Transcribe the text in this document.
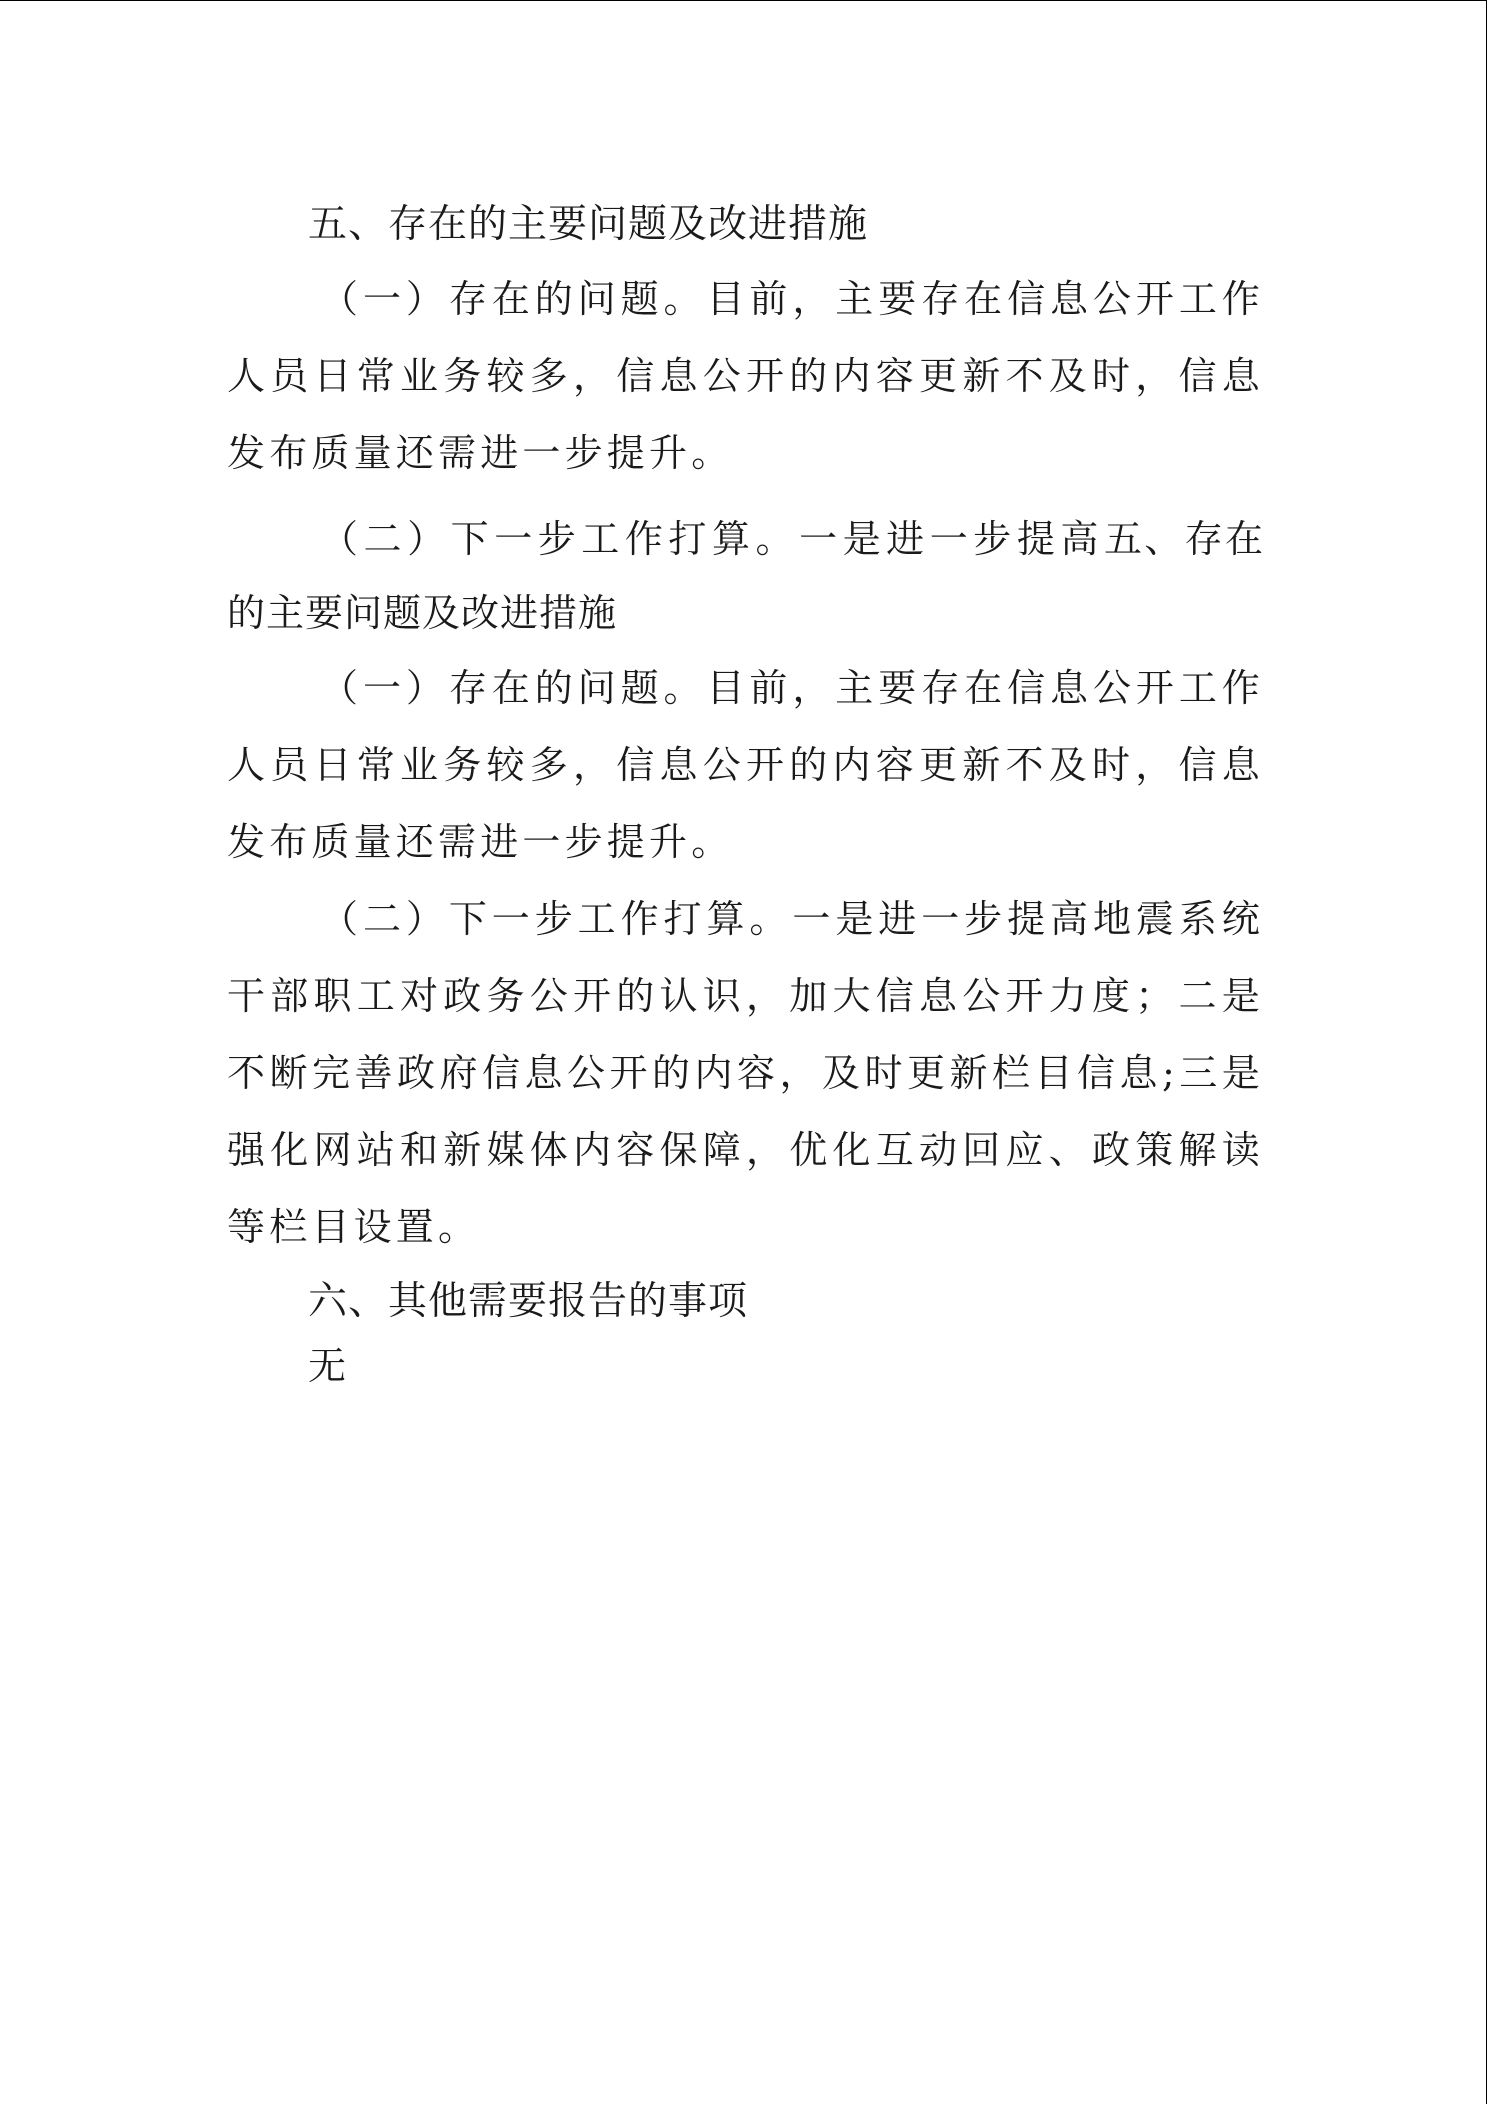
五、存在的主要问题及改进措施

（一）存在的问题。目前，主要存在信息公开工作人员日常业务较多，信息公开的内容更新不及时，信息发布质量还需进一步提升。

（二）下一步工作打算。一是进一步提高五、存在的主要问题及改进措施

（一）存在的问题。目前，主要存在信息公开工作人员日常业务较多，信息公开的内容更新不及时，信息发布质量还需进一步提升。

（二）下一步工作打算。一是进一步提高地震系统干部职工对政务公开的认识，加大信息公开力度；二是不断完善政府信息公开的内容，及时更新栏目信息;三是强化网站和新媒体内容保障，优化互动回应、政策解读等栏目设置。

六、其他需要报告的事项

无
